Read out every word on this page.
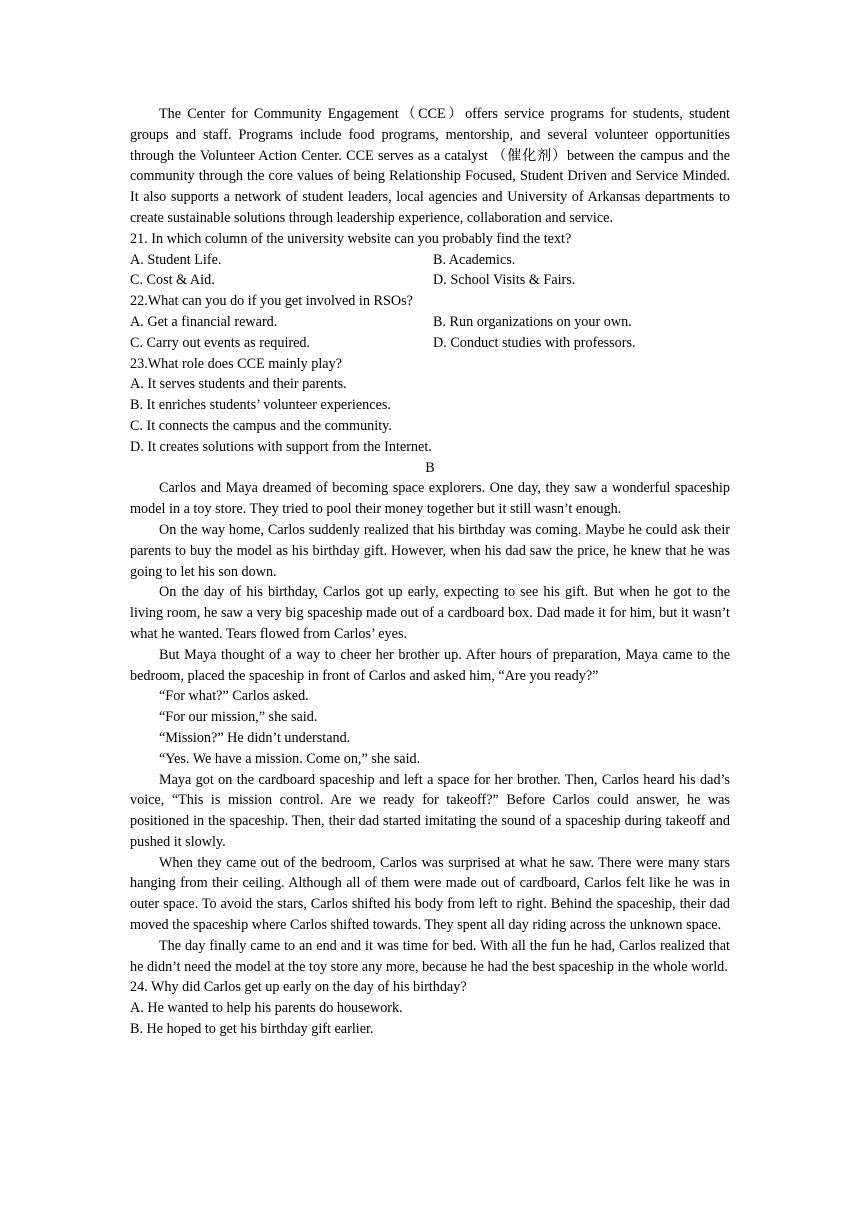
The Center for Community Engagement（CCE）offers service programs for students, student groups and staff. Programs include food programs, mentorship, and several volunteer opportunities through the Volunteer Action Center. CCE serves as a catalyst （催化剂）between the campus and the community through the core values of being Relationship Focused, Student Driven and Service Minded. It also supports a network of student leaders, local agencies and University of Arkansas departments to create sustainable solutions through leadership experience, collaboration and service.

21. In which column of the university website can you probably find the text?

A. Student Life.	B. Academics.
C. Cost & Aid.	D. School Visits & Fairs.

22.What can you do if you get involved in RSOs?

A. Get a financial reward.	B. Run organizations on your own.
C. Carry out events as required.	D. Conduct studies with professors.

23.What role does CCE mainly play?

A. It serves students and their parents.

B. It enriches students’ volunteer experiences.

C. It connects the campus and the community.

D. It creates solutions with support from the Internet.

B

Carlos and Maya dreamed of becoming space explorers. One day, they saw a wonderful spaceship model in a toy store. They tried to pool their money together but it still wasn’t enough.

On the way home, Carlos suddenly realized that his birthday was coming. Maybe he could ask their parents to buy the model as his birthday gift. However, when his dad saw the price, he knew that he was going to let his son down.

On the day of his birthday, Carlos got up early, expecting to see his gift. But when he got to the living room, he saw a very big spaceship made out of a cardboard box. Dad made it for him, but it wasn’t what he wanted. Tears flowed from Carlos’ eyes.

But Maya thought of a way to cheer her brother up. After hours of preparation, Maya came to the bedroom, placed the spaceship in front of Carlos and asked him, “Are you ready?”

“For what?” Carlos asked.

“For our mission,” she said.

“Mission?” He didn’t understand.

“Yes. We have a mission. Come on,” she said.

Maya got on the cardboard spaceship and left a space for her brother. Then, Carlos heard his dad’s voice, “This is mission control. Are we ready for takeoff?” Before Carlos could answer, he was positioned in the spaceship. Then, their dad started imitating the sound of a spaceship during takeoff and pushed it slowly.

When they came out of the bedroom, Carlos was surprised at what he saw. There were many stars hanging from their ceiling. Although all of them were made out of cardboard, Carlos felt like he was in outer space. To avoid the stars, Carlos shifted his body from left to right. Behind the spaceship, their dad moved the spaceship where Carlos shifted towards. They spent all day riding across the unknown space.

The day finally came to an end and it was time for bed. With all the fun he had, Carlos realized that he didn’t need the model at the toy store any more, because he had the best spaceship in the whole world.

24. Why did Carlos get up early on the day of his birthday?

A. He wanted to help his parents do housework.

B. He hoped to get his birthday gift earlier.
